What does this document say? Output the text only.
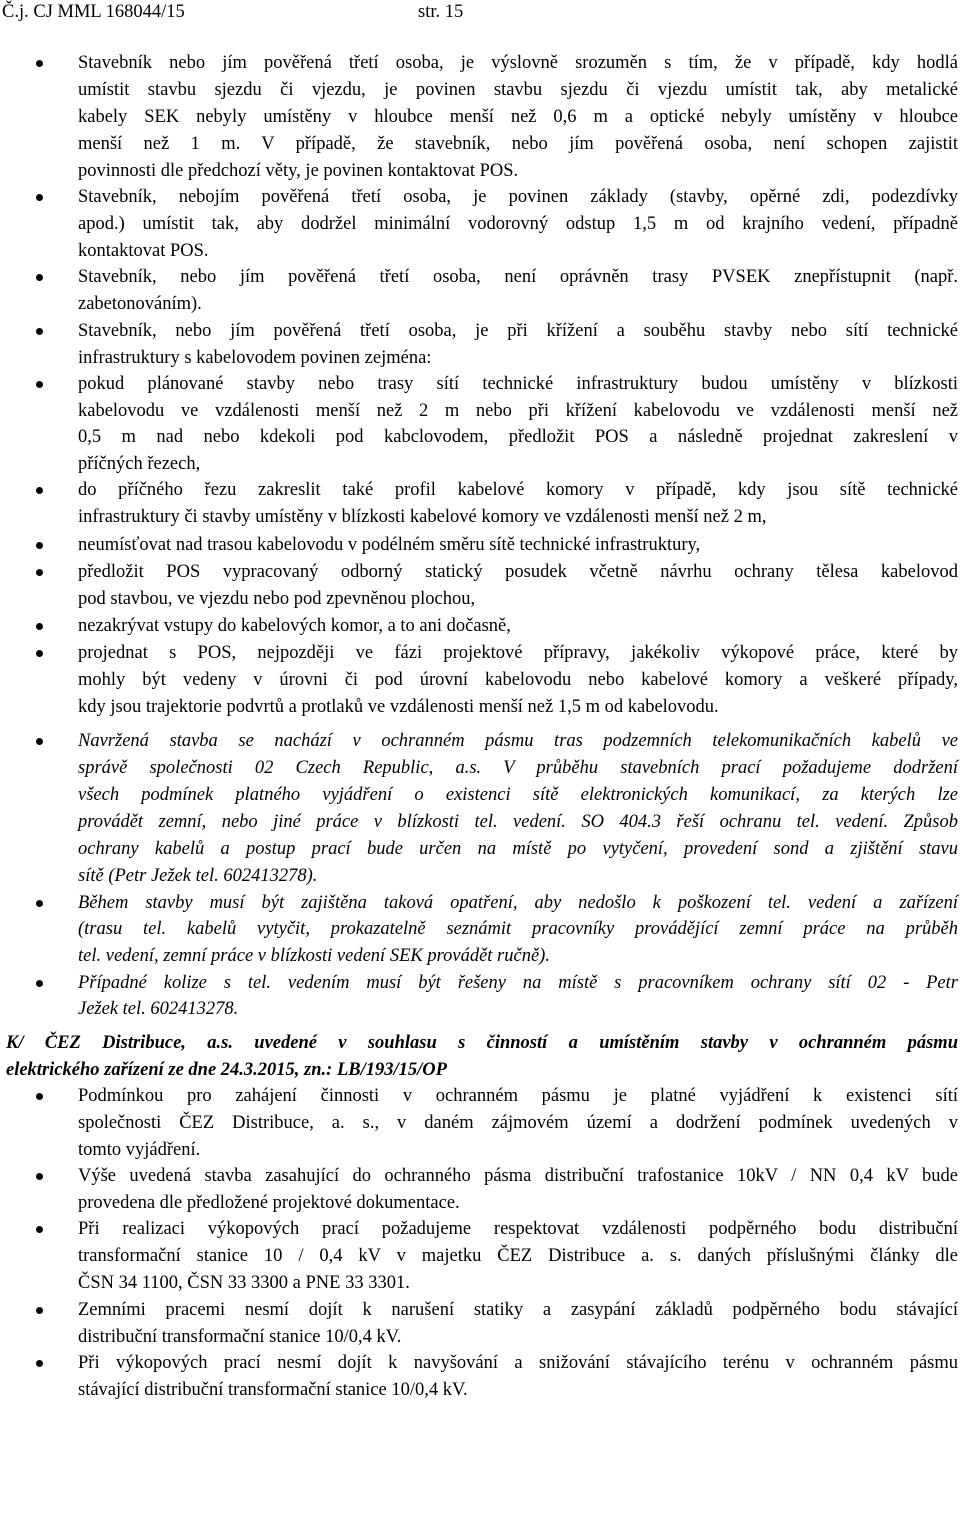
Č.j. CJ MML 168044/15	str. 15
Stavebník nebo jím pověřená třetí osoba, je výslovně srozuměn s tím, že v případě, kdy hodlá
umístit stavbu sjezdu či vjezdu, je povinen stavbu sjezdu či vjezdu umístit tak, aby metalické
kabely SEK nebyly umístěny v hloubce menší než 0,6 m a optické nebyly umístěny v hloubce
menší než 1 m. V případě, že stavebník, nebo jím pověřená osoba, není schopen zajistit
povinnosti dle předchozí věty, je povinen kontaktovat POS.
Stavebník, nebojím pověřená třetí osoba, je povinen základy (stavby, opěrné zdi, podezdívky
apod.) umístit tak, aby dodržel minimální vodorovný odstup 1,5 m od krajního vedení, případně
kontaktovat POS.
Stavebník, nebo jím pověřená třetí osoba, není oprávněn trasy PVSEK znepřístupnit (např.
zabetonováním).
Stavebník, nebo jím pověřená třetí osoba, je při křížení a souběhu stavby nebo sítí technické
infrastruktury s kabelovodem povinen zejména:
pokud plánované stavby nebo trasy sítí technické infrastruktury budou umístěny v blízkosti
kabelovodu ve vzdálenosti menší než 2 m nebo při křížení kabelovodu ve vzdálenosti menší než
0,5 m nad nebo kdekoli pod kabclovodem, předložit POS a následně projednat zakreslení v
příčných řezech,
do příčného řezu zakreslit také profil kabelové komory v případě, kdy jsou sítě technické
infrastruktury či stavby umístěny v blízkosti kabelové komory ve vzdálenosti menší než 2 m,
neumísťovat nad trasou kabelovodu v podélném směru sítě technické infrastruktury,
předložit POS vypracovaný odborný statický posudek včetně návrhu ochrany tělesa kabelovod
pod stavbou, ve vjezdu nebo pod zpevněnou plochou,
nezakrývat vstupy do kabelových komor, a to ani dočasně,
projednat s POS, nejpozději ve fázi projektové přípravy, jakékoliv výkopové práce, které by
mohly být vedeny v úrovni či pod úrovní kabelovodu nebo kabelové komory a veškeré případy,
kdy jsou trajektorie podvrtů a protlaků ve vzdálenosti menší než 1,5 m od kabelovodu.
Navržená stavba se nachází v ochranném pásmu tras podzemních telekomunikačních kabelů ve
správě společnosti 02 Czech Republic, a.s. V průběhu stavebních prací požadujeme dodržení
všech podmínek platného vyjádření o existenci sítě elektronických komunikací, za kterých lze
provádět zemní, nebo jiné práce v blízkosti tel. vedení. SO 404.3 řeší ochranu tel. vedení. Způsob
ochrany kabelů a postup prací bude určen na místě po vytyčení, provedení sond a zjištění stavu
sítě (Petr Ježek tel. 602413278).
Během stavby musí být zajištěna taková opatření, aby nedošlo k poškození tel. vedení a zařízení
(trasu tel. kabelů vytyčit, prokazatelně seznámit pracovníky provádějící zemní práce na průběh
tel. vedení, zemní práce v blízkosti vedení SEK provádět ručně).
Případné kolize s tel. vedením musí být řešeny na místě s pracovníkem ochrany sítí 02 - Petr
Ježek tel. 602413278.
K/ ČEZ Distribuce, a.s. uvedené v souhlasu s činností a umístěním stavby v ochranném pásmu
elektrického zařízení ze dne 24.3.2015, zn.: LB/193/15/OP
Podmínkou pro zahájení činnosti v ochranném pásmu je platné vyjádření k existenci sítí
společnosti ČEZ Distribuce, a. s., v daném zájmovém území a dodržení podmínek uvedených v
tomto vyjádření.
Výše uvedená stavba zasahující do ochranného pásma distribuční trafostanice 10kV / NN 0,4 kV bude
provedena dle předložené projektové dokumentace.
Při realizaci výkopových prací požadujeme respektovat vzdálenosti podpěrného bodu distribuční
transformační stanice 10 / 0,4 kV v majetku ČEZ Distribuce a. s. daných příslušnými články dle
ČSN 34 1100, ČSN 33 3300 a PNE 33 3301.
Zemními pracemi nesmí dojít k narušení statiky a zasypání základů podpěrného bodu stávající
distribuční transformační stanice 10/0,4 kV.
Při výkopových prací nesmí dojít k navyšování a snižování stávajícího terénu v ochranném pásmu
stávající distribuční transformační stanice 10/0,4 kV.
